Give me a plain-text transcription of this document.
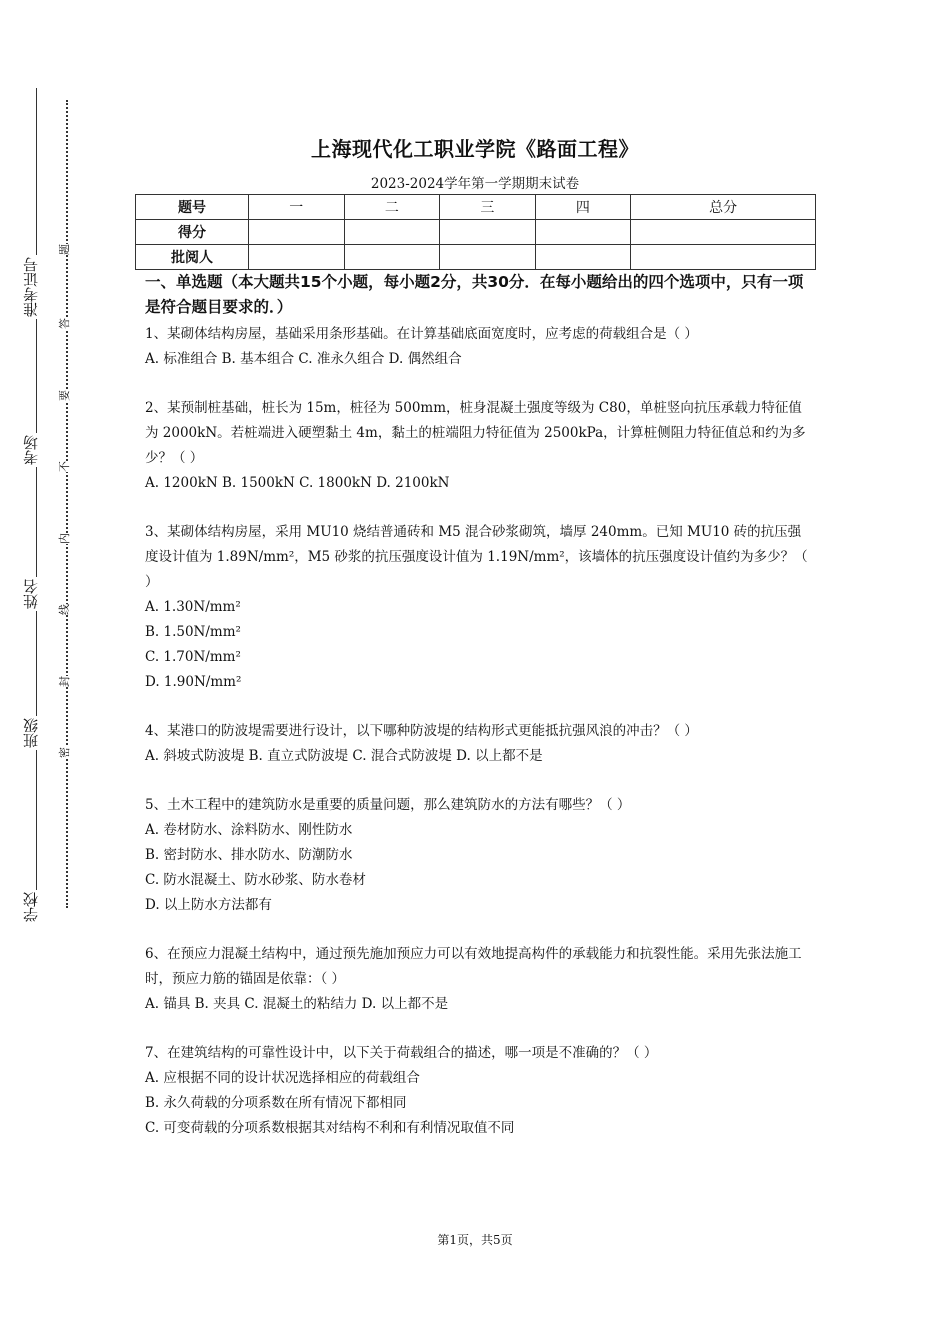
准考证号
考场
姓名
班级
学校
题
答
要
不
内
线
封
密
上海现代化工职业学院《路面工程》
2023-2024学年第一学期期末试卷
题号	一	二	三	四	总分
得分					
批阅人					
一、单选题（本大题共15个小题，每小题2分，共30分．在每小题给出的四个选项中，只有一项是符合题目要求的．）
1、某砌体结构房屋，基础采用条形基础。在计算基础底面宽度时，应考虑的荷载组合是（ ）
A. 标准组合 B. 基本组合 C. 准永久组合 D. 偶然组合
2、某预制桩基础，桩长为 15m，桩径为 500mm，桩身混凝土强度等级为 C80，单桩竖向抗压承载力特征值为 2000kN。若桩端进入硬塑黏土 4m，黏土的桩端阻力特征值为 2500kPa，计算桩侧阻力特征值总和约为多少？（ ）
A. 1200kN B. 1500kN C. 1800kN D. 2100kN
3、某砌体结构房屋，采用 MU10 烧结普通砖和 M5 混合砂浆砌筑，墙厚 240mm。已知 MU10 砖的抗压强度设计值为 1.89N/mm²，M5 砂浆的抗压强度设计值为 1.19N/mm²，该墙体的抗压强度设计值约为多少？（ ）
A. 1.30N/mm²
B. 1.50N/mm²
C. 1.70N/mm²
D. 1.90N/mm²
4、某港口的防波堤需要进行设计，以下哪种防波堤的结构形式更能抵抗强风浪的冲击？（ ）
A. 斜坡式防波堤 B. 直立式防波堤 C. 混合式防波堤 D. 以上都不是
5、土木工程中的建筑防水是重要的质量问题，那么建筑防水的方法有哪些？（ ）
A. 卷材防水、涂料防水、刚性防水
B. 密封防水、排水防水、防潮防水
C. 防水混凝土、防水砂浆、防水卷材
D. 以上防水方法都有
6、在预应力混凝土结构中，通过预先施加预应力可以有效地提高构件的承载能力和抗裂性能。采用先张法施工时，预应力筋的锚固是依靠：（ ）
A. 锚具 B. 夹具 C. 混凝土的粘结力 D. 以上都不是
7、在建筑结构的可靠性设计中，以下关于荷载组合的描述，哪一项是不准确的？（ ）
A. 应根据不同的设计状况选择相应的荷载组合
B. 永久荷载的分项系数在所有情况下都相同
C. 可变荷载的分项系数根据其对结构不利和有利情况取值不同
第1页，共5页
